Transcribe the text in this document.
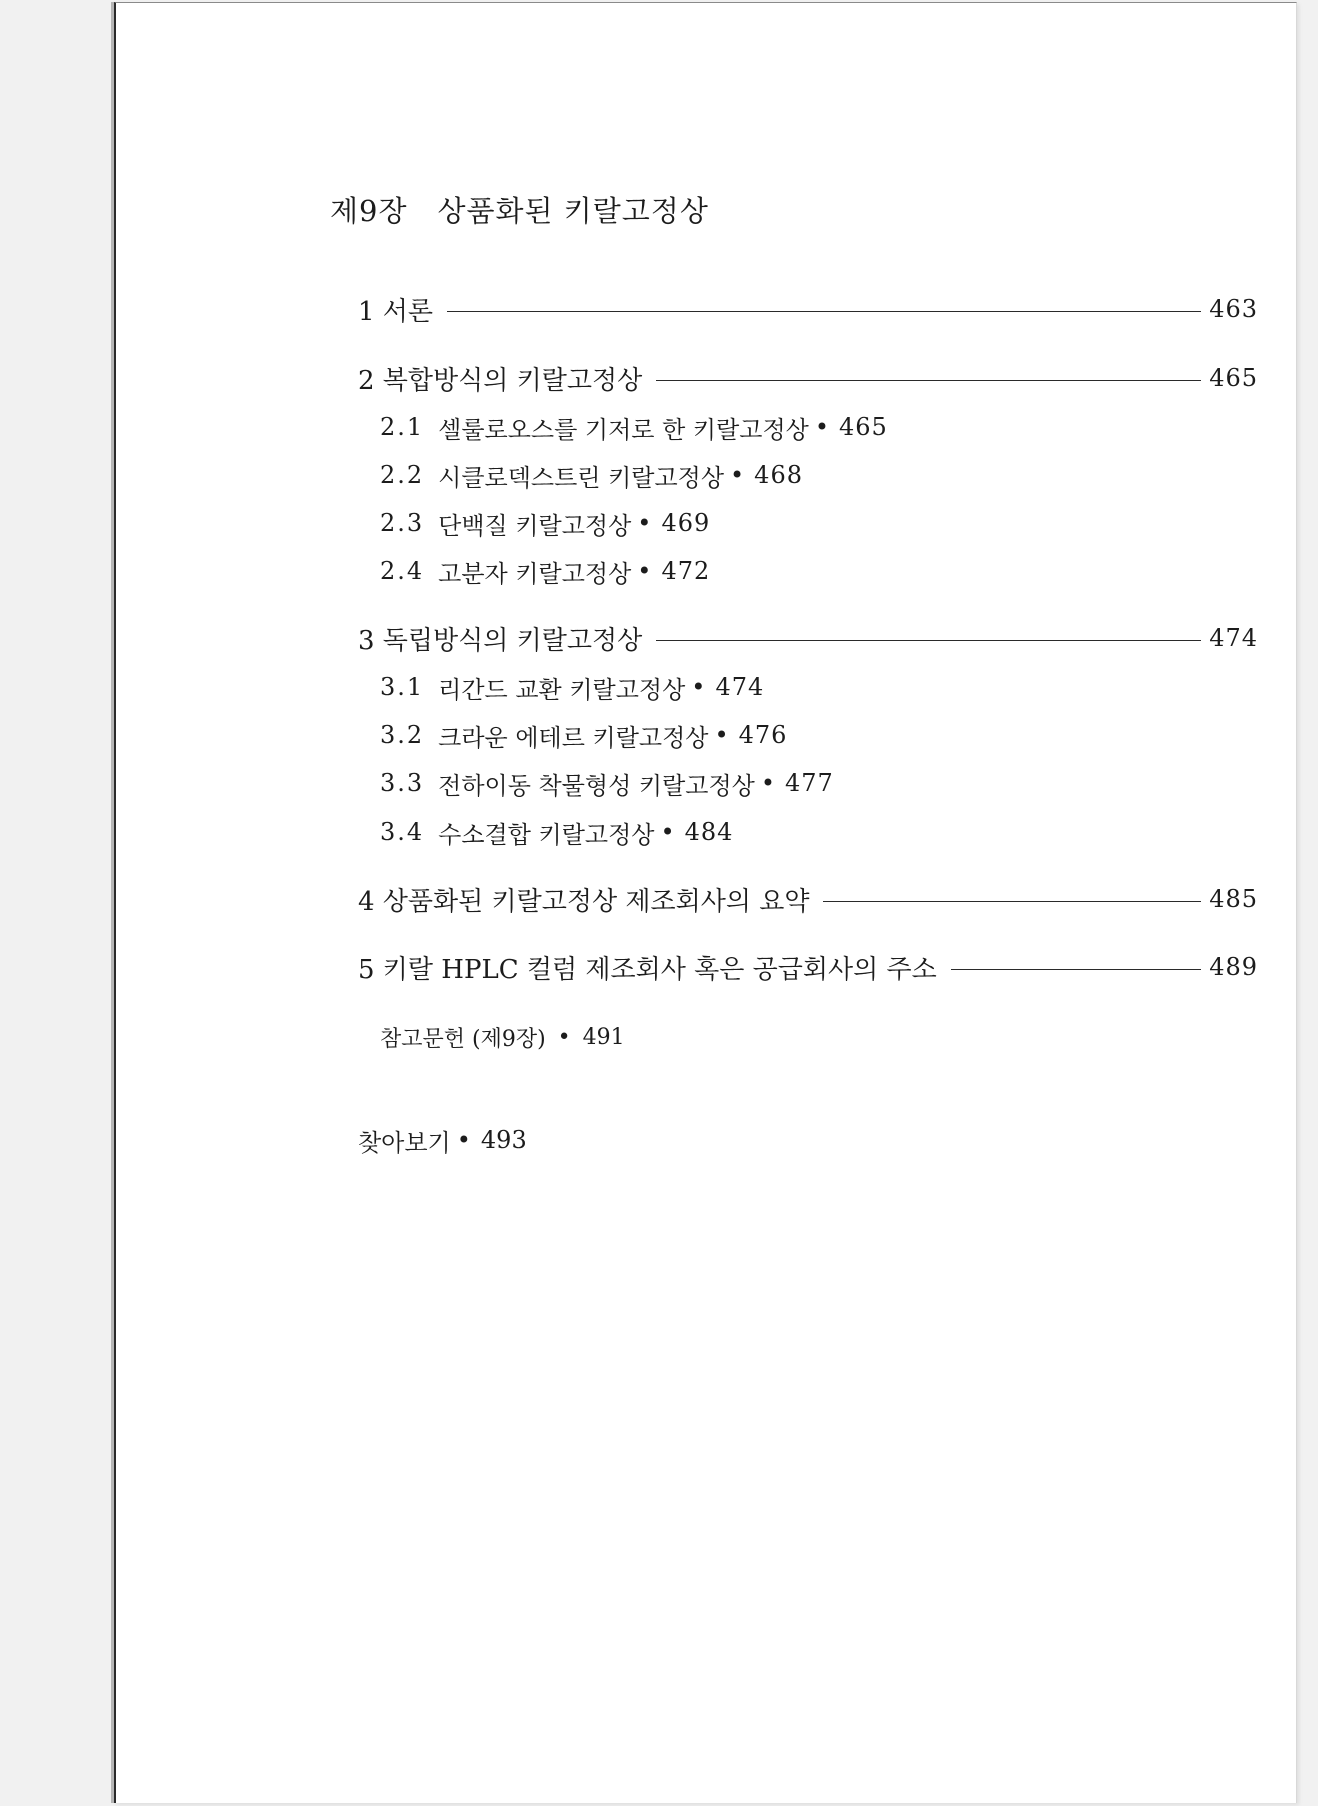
제9장 상품화된 키랄고정상
1 서론	463
2 복합방식의 키랄고정상	465
2.1 셀룰로오스를 기저로 한 키랄고정상 • 465
2.2 시클로덱스트린 키랄고정상 • 468
2.3 단백질 키랄고정상 • 469
2.4 고분자 키랄고정상 • 472
3 독립방식의 키랄고정상	474
3.1 리간드 교환 키랄고정상 • 474
3.2 크라운 에테르 키랄고정상 • 476
3.3 전하이동 착물형성 키랄고정상 • 477
3.4 수소결합 키랄고정상 • 484
4 상품화된 키랄고정상 제조회사의 요약	485
5 키랄 HPLC 컬럼 제조회사 혹은 공급회사의 주소	489
참고문헌 (제9장) • 491
찾아보기 • 493
